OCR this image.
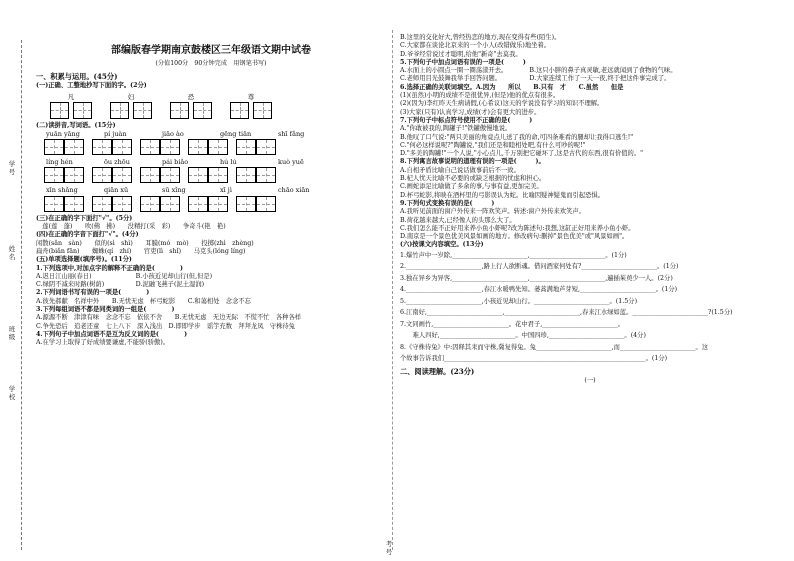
学号
姓名
班级
学校
考号
部编版春学期南京鼓楼区三年级语文期中试卷
(分值100分　90分钟完成　用钢笔书写)
一、积累与运用。(45分)
(一)正确、工整地抄写下面的字。(2分)
凡	妇	恐	尊
(二)读拼音,写词语。(15分)
yuān yāng	pí juàn	jiāo ào	gēng tiān	shī fǎng
líng hén	ōu zhōu	pái biǎo	hú lú	kuò yuē
xīn shǎng	qiān xū	sū xǐng	xī jì	chāo xiān
(三)在正确的字下面打"√"。(5分)
　莲(莲　蓬)　　吹(佛　拂)　　没精打(采　彩)　　争奇斗(艳　艳)
(四)在正确的字音下面打"√"。(4分)
闲散(sǎn　sàn)　　似的(sì　shì)　　耳膜(mó　mò)　　投掷(zhì　zhèng)
扁舟(biǎn fān)　　蜘蛛(qí　zhí)　　官吏(lì　shǐ)　　马克头(lóng líng)
(五)单项选择题(填序号)。(11分)
1.下列选项中,对加点字的解释不正确的是(　　　　)
A.迟日江山丽(春日)　　　　　　　B.小孩近见却山行(但,但是)
C.绿阴不减来时路(树荫)　　　　　D.泥融飞燕子(泥土湿润)
2.下列词语书写有误的一项是(　　　　)
A.彼先郝献　名祥中外　　B.无忧无虑　杯弓蛇影　　C.和蔼相处　念念不忘
3.下列每组词语不都是同类词的一组是(　　　　)
A.源源不断　津津有味　念念不忘　依依不舍　　B.无忧无虑　无边无际　不慌不忙　各种各样
C.争先恐后　追老还童　七上八下　深入浅出　D.即即学步　谣竽充数　拜拜龙凤　守株待兔
4.下列句子中加点词语不是互为反义词的是(　　　　)
A.在学习上取得了好成绩要谦虚,不能骄(骄傲)。
B.这里的交化好大,曾经热恋的地方,现在变得有些(陌生)。
C.大家都在谈论北京来的一个小人(改错做乐)地坐着。
D.爷爷经常说过才聪明,给他"新奇"去莫我。
5.下列句子中加点词语有误的一项是(　　　)
A.水面上的小圆点一圈一圈荡漾开去。　　　　B.这只小胖的鼻子真灵敏,老远就闻到了食物的气味。
C.老师用目光鼓舞我举手回答问题。　　　　　D.大家连续工作了一天一夜,终于把这件事完成了。
6.选择正确的关联词填空。A.因为　　所以　　B.只有　才　　C.虽然　　但是
(1)(虽然)小明的成绩不是很优异,(但是)他的优点有很多。
(2)(因为)李红昨天生病请假,(心希议)这天的学说没有学习的知识不理解。
(3)大家(只有)认真学习,成绩(才)会有更大的进步。
7.下列句子中标点符号使用不正确的是(　　　)
A."你敢被我的,陶罐子!"铁罐傲慢地说。
B.他叹了口气说:"两只美丽的角竟点儿送了我的命,可四条难看的腿却让我得口逃生!"
C."何必这样说呢?"陶罐说,"我们还是和睦相处吧,有什么可吵的呢!"
D."多美的陶罐!"一个人说,"小心点儿,千万别把它碰坏了,这是古代的东西,很有价值的。"
8.下列寓言故事说明的道理有误的一项是(　　　)。
A.自相矛盾比喻自己说话做事前后不一致。
B.杞人忧天比喻不必要的或缺乏根据的忧虑和担心。
C.画蛇添足比喻做了多余的事,与事有益,更加完美。
D.杯弓蛇影,将映在酒杯里的弓影误认为蛇。比喻因疑神疑鬼而引起恐惧。
9.下列句式变换有误的是(　　　)
A.我听见前面的窗户外传来一阵欢笑声。转述:窗户外传来欢笑声。
B.荷花越来越大,已经像人的头那么大了。
C.我们怎么能不正好用来养小鱼小虾呢?改为陈述句:我想,这缸正好用来养小鱼小虾。
D.南京是一个景色优美风景如画的地方。修改病句:删掉"景色优美"或"风景如画"。
(六)按课文内容填空。(13分)
1.爆竹声中一岁除,________________________,________________________。(1分)
2.________________________,路上行人欲断魂。借问酒家何处有?________________________。(1分)
3.独在异乡为异客,________________________,________________________,遍插茱萸少一人。(2分)
4.________________________,春江水暖鸭先知。蒌蒿满地芦芽短,________________________。(1分)
5.________________________,小孩近见却山行。________________________。(1.5分)
6.江南好,________________________,________________________,春来江水绿如蓝。________________________?(1.5分)
7.文同画竹,________________________。花中君子,________________________。
　　难人四好,________________________。中国四珍,________________________。(4分)
8.《守株待兔》中:因释其耒而守株,冀复得兔。兔________________________,而________________________。这
个故事告诉我们________________________________________________________________。(1分)
二、阅读理解。(23分)
(一)
